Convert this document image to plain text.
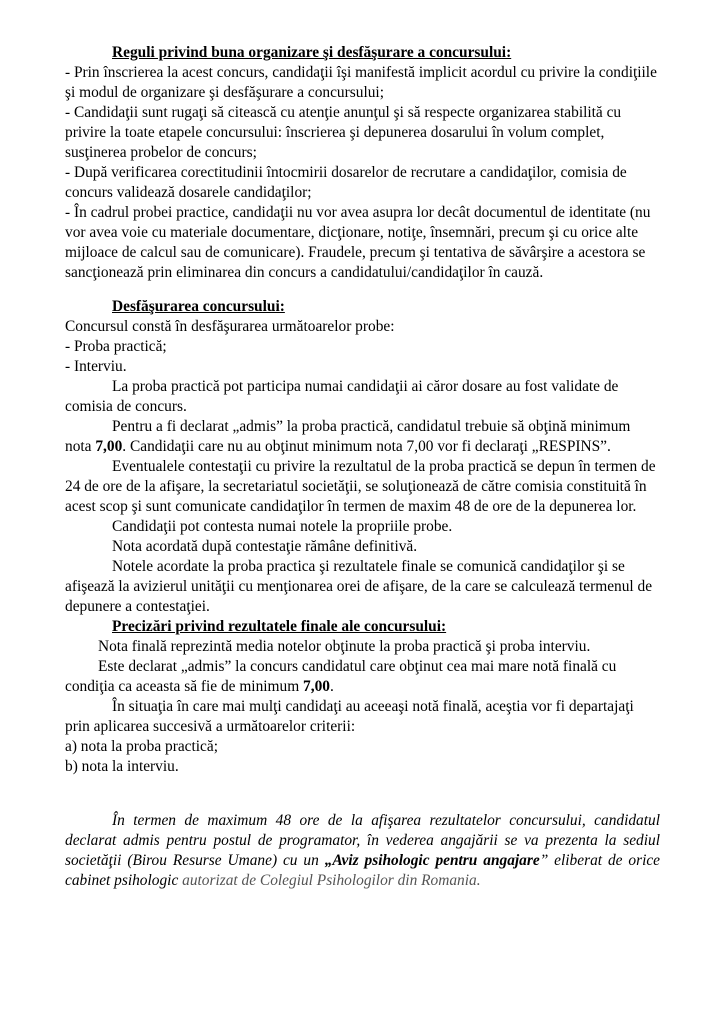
Reguli privind buna organizare şi desfăşurare a concursului:

- Prin înscrierea la acest concurs, candidaţii îşi manifestă implicit acordul cu privire la condiţiile şi modul de organizare şi desfăşurare a concursului;

- Candidaţii sunt rugaţi să citească cu atenţie anunţul şi să respecte organizarea stabilită cu privire la toate etapele concursului: înscrierea şi depunerea dosarului în volum complet, susţinerea probelor de concurs;

- După verificarea corectitudinii întocmirii dosarelor de recrutare a candidaţilor, comisia de concurs validează dosarele candidaţilor;

- În cadrul probei practice, candidaţii nu vor avea asupra lor decât documentul de identitate (nu vor avea voie cu materiale documentare, dicţionare, notiţe, însemnări, precum şi cu orice alte mijloace de calcul sau de comunicare). Fraudele, precum şi tentativa de săvârşire a acestora se sancţionează prin eliminarea din concurs a candidatului/candidaţilor în cauză.

Desfăşurarea concursului:

Concursul constă în desfăşurarea următoarelor probe:

- Proba practică;

- Interviu.

La proba practică pot participa numai candidaţii ai căror dosare au fost validate de comisia de concurs.

Pentru a fi declarat „admis” la proba practică, candidatul trebuie să obţină minimum nota 7,00. Candidaţii care nu au obţinut minimum nota 7,00 vor fi declaraţi „RESPINS”.

Eventualele contestaţii cu privire la rezultatul de la proba practică se depun în termen de 24 de ore de la afişare, la secretariatul societăţii, se soluţionează de către comisia constituită în acest scop şi sunt comunicate candidaţilor în termen de maxim 48 de ore de la depunerea lor.

Candidaţii pot contesta numai notele la propriile probe.

Nota acordată după contestaţie rămâne definitivă.

Notele acordate la proba practica şi rezultatele finale se comunică candidaţilor şi se afişează la avizierul unităţii cu menţionarea orei de afişare, de la care se calculează termenul de depunere a contestaţiei.

Precizări privind rezultatele finale ale concursului:

Nota finală reprezintă media notelor obţinute la proba practică şi proba interviu.

Este declarat „admis” la concurs candidatul care obţinut cea mai mare notă finală cu condiţia ca aceasta să fie de minimum 7,00.

În situaţia în care mai mulţi candidaţi au aceeaşi notă finală, aceştia vor fi departajaţi prin aplicarea succesivă a următoarelor criterii:

a) nota la proba practică;

b) nota la interviu.

În termen de maximum 48 ore de la afişarea rezultatelor concursului, candidatul declarat admis pentru postul de programator, în vederea angajării se va prezenta la sediul societăţii (Birou Resurse Umane) cu un „Aviz psihologic pentru angajare” eliberat de orice cabinet psihologic autorizat de Colegiul Psihologilor din Romania.
